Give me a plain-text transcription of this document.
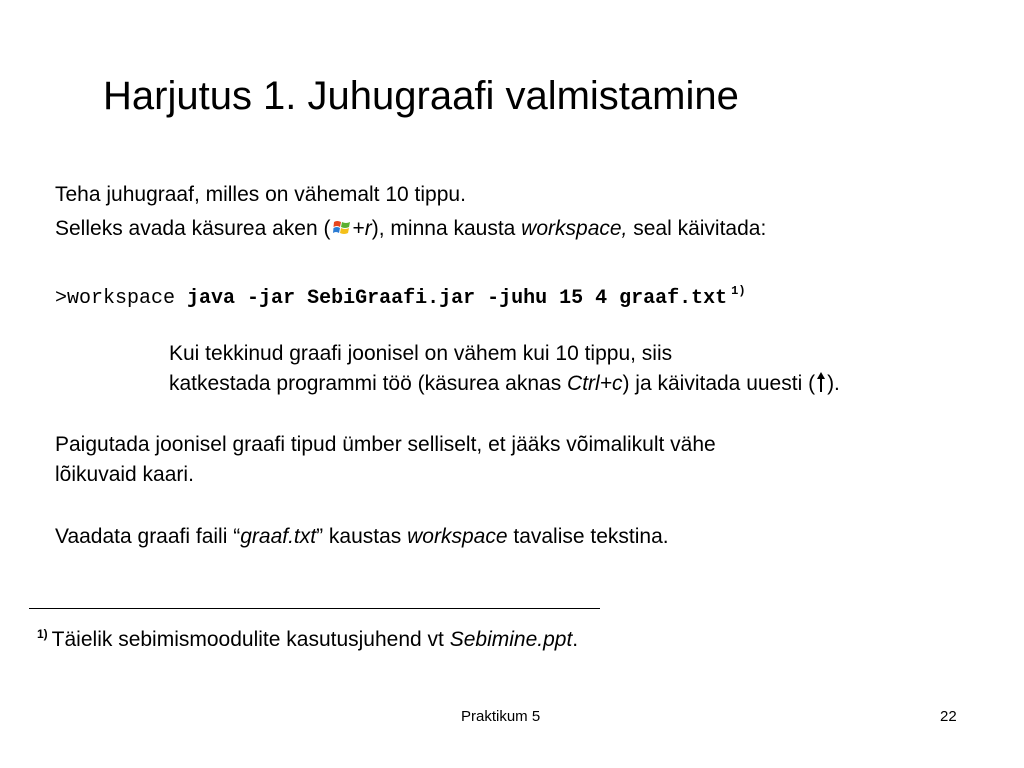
Harjutus 1. Juhugraafi valmistamine
Teha juhugraaf, milles on vähemalt 10 tippu.
Selleks avada käsurea aken ( +r), minna kausta workspace, seal käivitada:
>workspace java -jar SebiGraafi.jar -juhu 15 4 graaf.txt $^{1)}$
Kui tekkinud graafi joonisel on vähem kui 10 tippu, siis
katkestada programmi töö (käsurea aknas Ctrl+c) ja käivitada uuesti ( ).
Paigutada joonisel graafi tipud ümber selliselt, et jääks võimalikult vähe
lõikuvaid kaari.
Vaadata graafi faili “graaf.txt” kaustas workspace tavalise tekstina.
$^{1)}$ Täielik sebimismoodulite kasutusjuhend vt Sebimine.ppt.
Praktikum 5	22
